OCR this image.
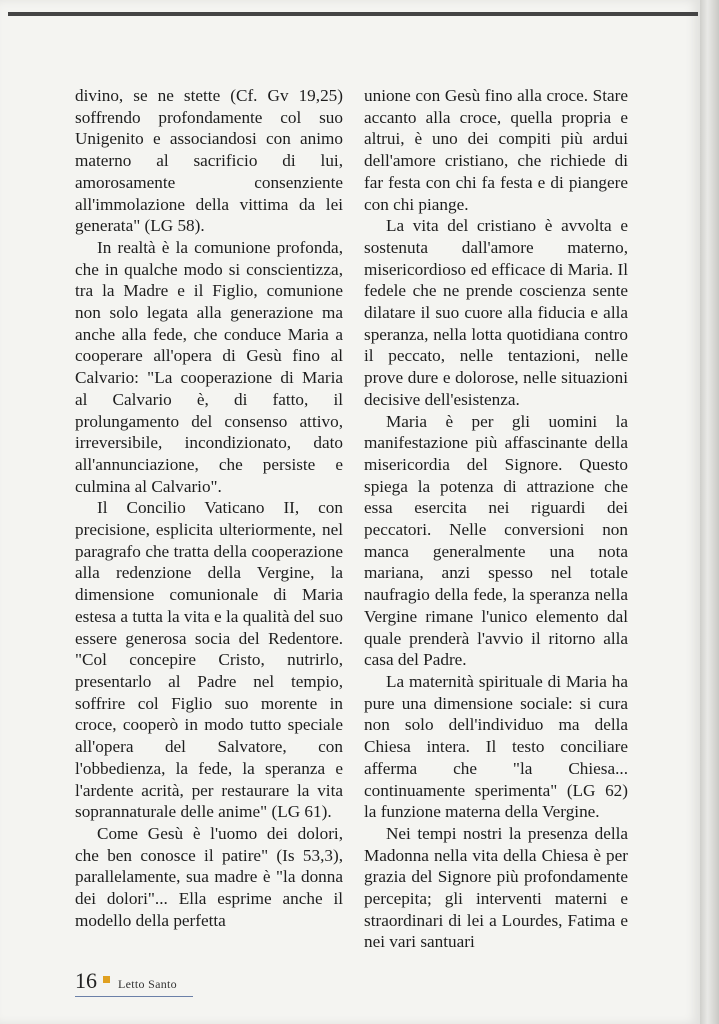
divino, se ne stette (Cf. Gv 19,25) soffrendo profondamente col suo Unigenito e associandosi con animo materno al sacrificio di lui, amorosamente consenziente all'immolazione della vittima da lei generata" (LG 58).

In realtà è la comunione profonda, che in qualche modo si conscientizza, tra la Madre e il Figlio, comunione non solo legata alla generazione ma anche alla fede, che conduce Maria a cooperare all'opera di Gesù fino al Calvario: "La cooperazione di Maria al Calvario è, di fatto, il prolungamento del consenso attivo, irreversibile, incondizionato, dato all'annunciazione, che persiste e culmina al Calvario".

Il Concilio Vaticano II, con precisione, esplicita ulteriormente, nel paragrafo che tratta della cooperazione alla redenzione della Vergine, la dimensione comunionale di Maria estesa a tutta la vita e la qualità del suo essere generosa socia del Redentore. "Col concepire Cristo, nutrirlo, presentarlo al Padre nel tempio, soffrire col Figlio suo morente in croce, cooperò in modo tutto speciale all'opera del Salvatore, con l'obbedienza, la fede, la speranza e l'ardente acrità, per restaurare la vita soprannaturale delle anime" (LG 61).

Come Gesù è l'uomo dei dolori, che ben conosce il patire" (Is 53,3), parallelamente, sua madre è "la donna dei dolori"... Ella esprime anche il modello della perfetta

unione con Gesù fino alla croce. Stare accanto alla croce, quella propria e altrui, è uno dei compiti più ardui dell'amore cristiano, che richiede di far festa con chi fa festa e di piangere con chi piange.

La vita del cristiano è avvolta e sostenuta dall'amore materno, misericordioso ed efficace di Maria. Il fedele che ne prende coscienza sente dilatare il suo cuore alla fiducia e alla speranza, nella lotta quotidiana contro il peccato, nelle tentazioni, nelle prove dure e dolorose, nelle situazioni decisive dell'esistenza.

Maria è per gli uomini la manifestazione più affascinante della misericordia del Signore. Questo spiega la potenza di attrazione che essa esercita nei riguardi dei peccatori. Nelle conversioni non manca generalmente una nota mariana, anzi spesso nel totale naufragio della fede, la speranza nella Vergine rimane l'unico elemento dal quale prenderà l'avvio il ritorno alla casa del Padre.

La maternità spirituale di Maria ha pure una dimensione sociale: si cura non solo dell'individuo ma della Chiesa intera. Il testo conciliare afferma che "la Chiesa... continuamente sperimenta" (LG 62) la funzione materna della Vergine.

Nei tempi nostri la presenza della Madonna nella vita della Chiesa è per grazia del Signore più profondamente percepita; gli interventi materni e straordinari di lei a Lourdes, Fatima e nei vari santuari

16 Letto Santo
